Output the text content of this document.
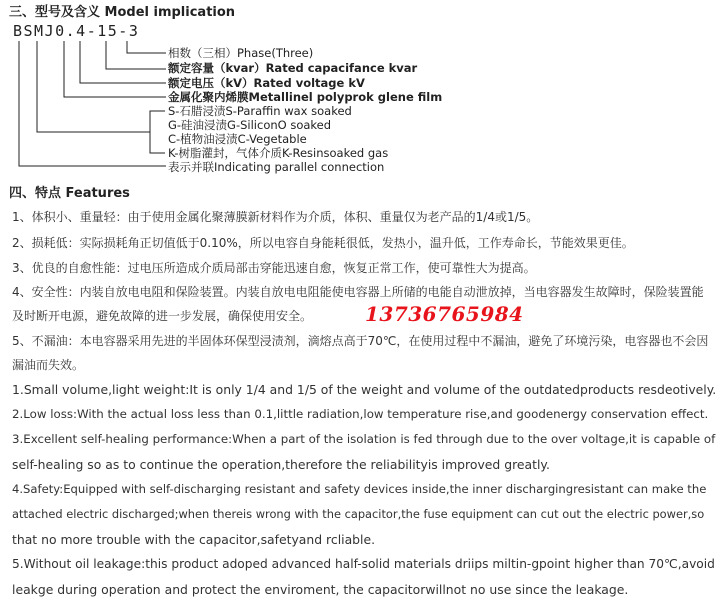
三、型号及含义 Model implication
BSMJ0.4-15-3
相数（三相）Phase(Three)
额定容量（kvar）Rated capacifance kvar
额定电压（kV）Rated voltage kV
金属化聚内烯膜Metallinel polyprok glene film
S-石腊浸渍S-Paraffin wax soaked
G-硅油浸渍G-SiliconO soaked
C-植物油浸渍C-Vegetable
K-树脂灌封，气体介质K-Resinsoaked gas
表示并联Indicating parallel connection
四、特点 Features
1、体积小、重量轻：由于使用金属化聚薄膜新材料作为介质，体积、重量仅为老产品的1/4或1/5。
2、损耗低：实际损耗角正切值低于0.10%，所以电容自身能耗很低，发热小，温升低，工作寿命长，节能效果更佳。
3、优良的自愈性能：过电压所造成介质局部击穿能迅速自愈，恢复正常工作，使可靠性大为提高。
4、安全性：内装自放电电阻和保险装置。内装自放电电阻能使电容器上所储的电能自动泄放掉，当电容器发生故障时，保险装置能
及时断开电源，避免故障的进一步发展，确保使用安全。
5、不漏油：本电容器采用先进的半固体环保型浸渍剂，滴熔点高于70℃，在使用过程中不漏油，避免了环境污染，电容器也不会因
漏油而失效。
13736765984
1.Small volume,light weight:It is only 1/4 and 1/5 of the weight and volume of the outdatedproducts resdeotively.
2.Low loss:With the actual loss less than 0.1,little radiation,low temperature rise,and goodenergy conservation effect.
3.Excellent self-healing performance:When a part of the isolation is fed through due to the over voltage,it is capable of
self-healing so as to continue the operation,therefore the reliabilityis improved greatly.
4.Safety:Equipped with self-discharging resistant and safety devices inside,the inner dischargingresistant can make the
attached electric discharged;when thereis wrong with the capacitor,the fuse equipment can cut out the electric power,so
that no more trouble with the capacitor,safetyand rcliable.
5.Without oil leakage:this product adoped advanced half-solid materials driips miltin-gpoint higher than 70℃,avoid
leakge during operation and protect the enviroment, the capacitorwillnot no use since the leakage.
